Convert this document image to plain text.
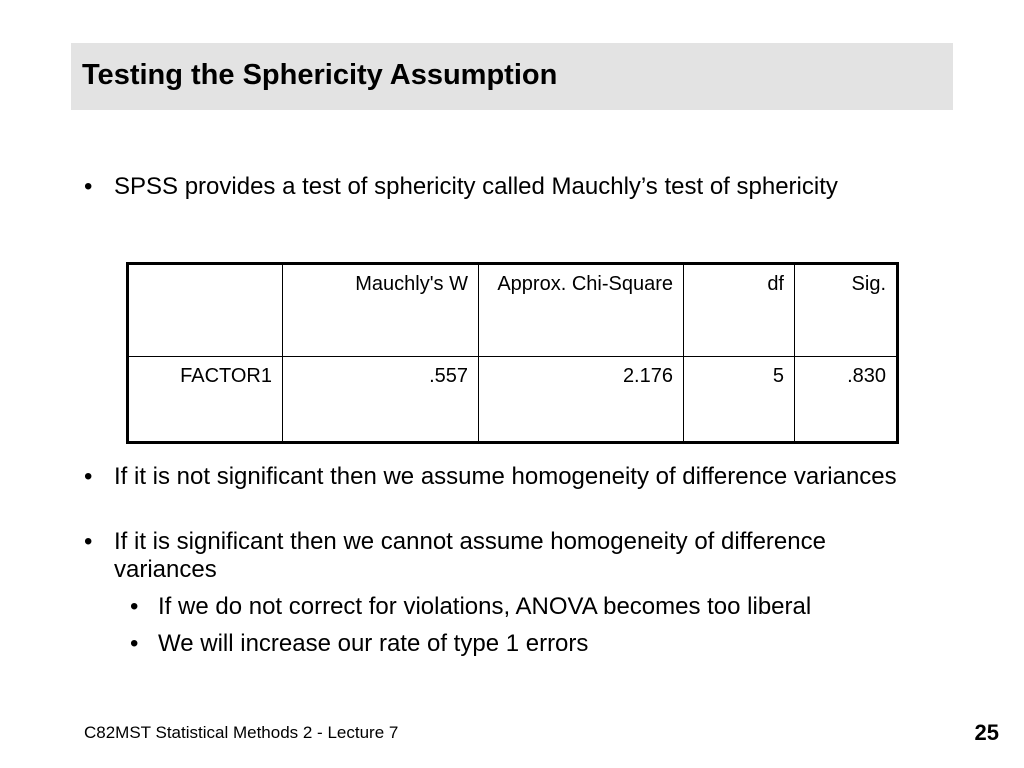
Testing the Sphericity Assumption
• SPSS provides a test of sphericity called Mauchly’s test of sphericity
	Mauchly's W	Approx. Chi-Square	df	Sig.
FACTOR1	.557	2.176	5	.830
• If it is not significant then we assume homogeneity of difference variances
• If it is significant then we cannot assume homogeneity of difference variances
• If we do not correct for violations, ANOVA becomes too liberal
• We will increase our rate of type 1 errors
C82MST Statistical Methods 2 - Lecture 7	25
